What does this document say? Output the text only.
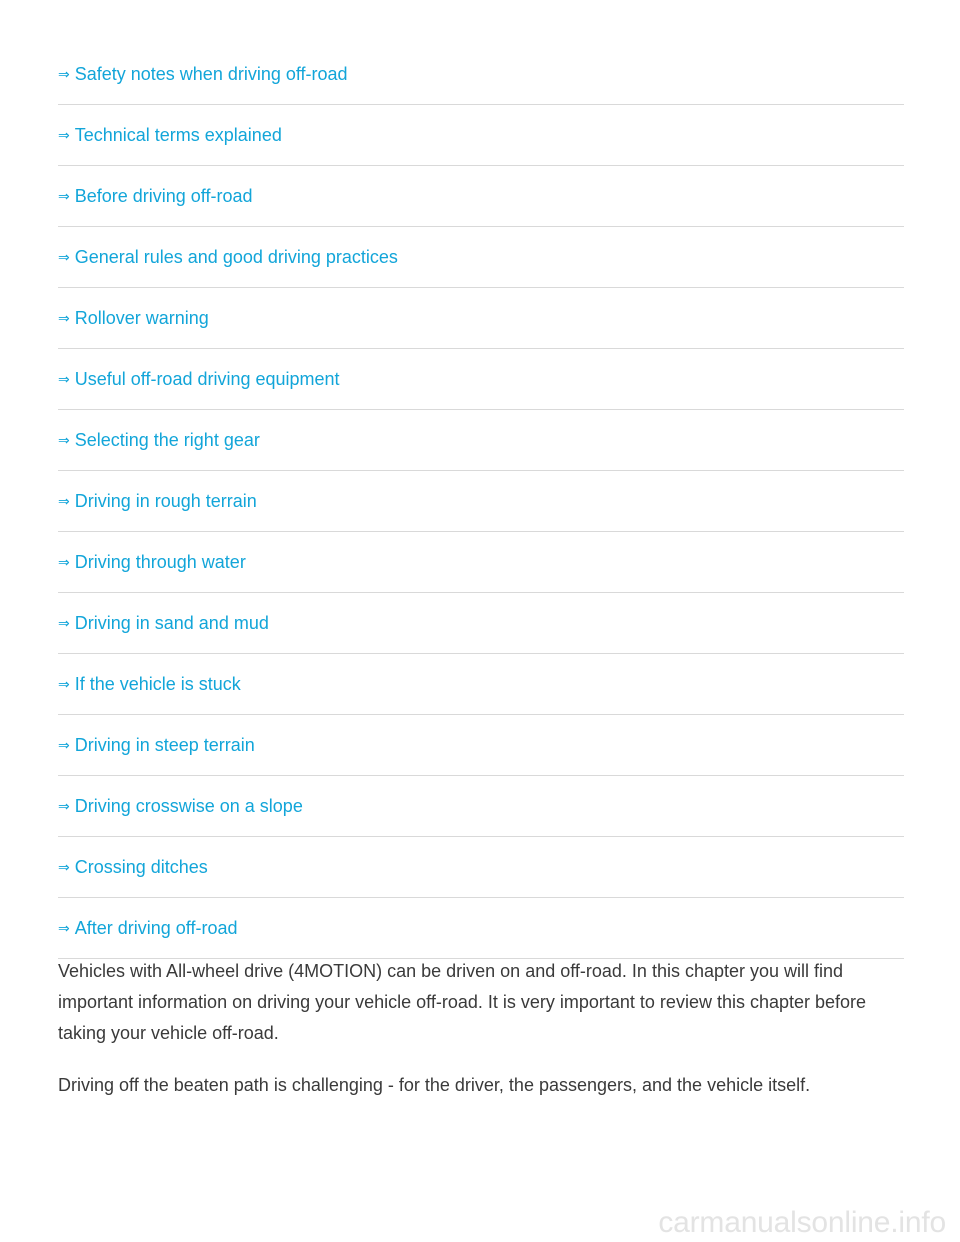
⇒ Safety notes when driving off-road
⇒ Technical terms explained
⇒ Before driving off-road
⇒ General rules and good driving practices
⇒ Rollover warning
⇒ Useful off-road driving equipment
⇒ Selecting the right gear
⇒ Driving in rough terrain
⇒ Driving through water
⇒ Driving in sand and mud
⇒ If the vehicle is stuck
⇒ Driving in steep terrain
⇒ Driving crosswise on a slope
⇒ Crossing ditches
⇒ After driving off-road

Vehicles with All-wheel drive (4MOTION) can be driven on and off-road. In this chapter you will find important information on driving your vehicle off-road. It is very important to review this chapter before taking your vehicle off-road.

Driving off the beaten path is challenging - for the driver, the passengers, and the vehicle itself.

carmanualsonline.info
